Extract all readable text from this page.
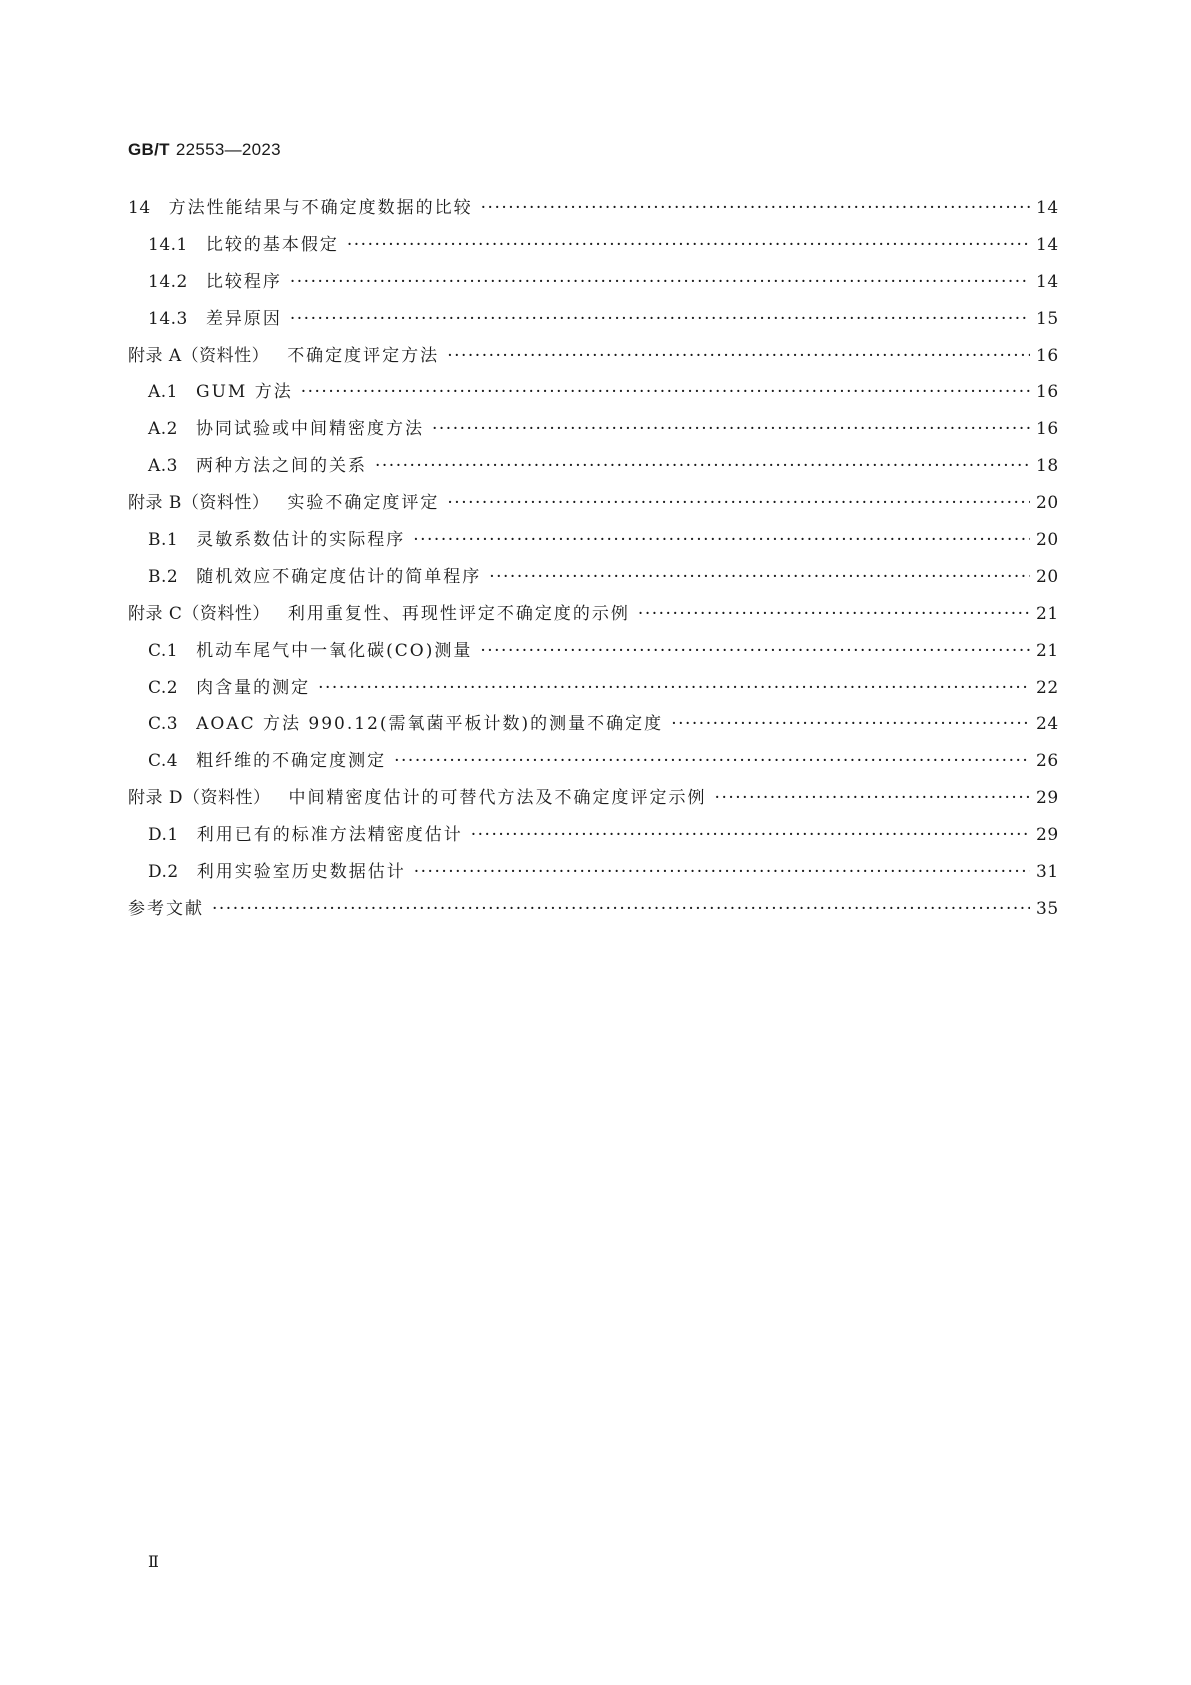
GB/T 22553—2023
14 方法性能结果与不确定度数据的比较 ·····	14
14.1 比较的基本假定 ·····	14
14.2 比较程序 ·····	14
14.3 差异原因 ·····	15
附录 A（资料性） 不确定度评定方法 ·····	16
A.1 GUM 方法 ·····	16
A.2 协同试验或中间精密度方法 ·····	16
A.3 两种方法之间的关系 ·····	18
附录 B（资料性） 实验不确定度评定 ·····	20
B.1 灵敏系数估计的实际程序 ·····	20
B.2 随机效应不确定度估计的简单程序 ·····	20
附录 C（资料性） 利用重复性、再现性评定不确定度的示例 ·····	21
C.1 机动车尾气中一氧化碳(CO)测量 ·····	21
C.2 肉含量的测定 ·····	22
C.3 AOAC 方法 990.12(需氧菌平板计数)的测量不确定度 ·····	24
C.4 粗纤维的不确定度测定 ·····	26
附录 D（资料性） 中间精密度估计的可替代方法及不确定度评定示例 ·····	29
D.1 利用已有的标准方法精密度估计 ·····	29
D.2 利用实验室历史数据估计 ·····	31
参考文献 ·····	35
Ⅱ
